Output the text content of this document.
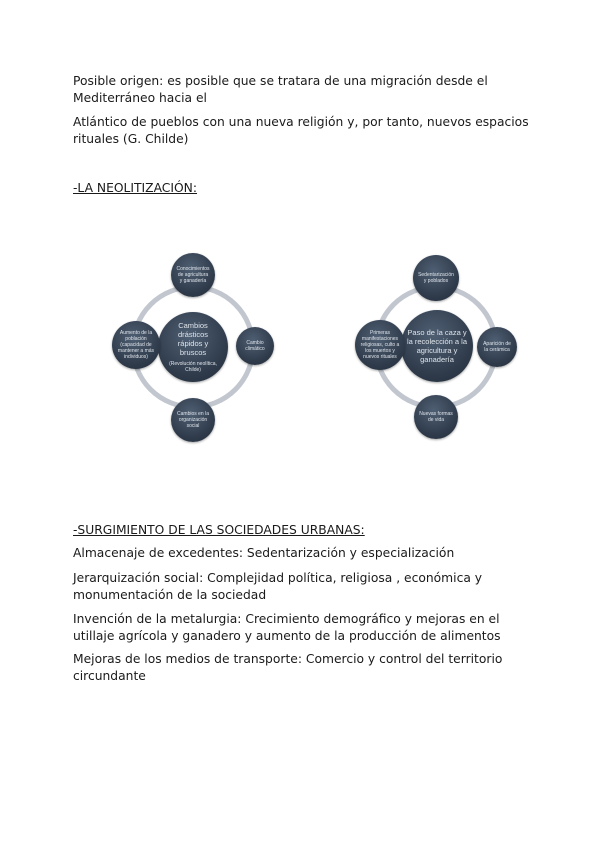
Posible origen: es posible que se tratara de una migración desde el Mediterráneo hacia el

Atlántico de pueblos con una nueva religión y, por tanto, nuevos espacios rituales (G. Childe)

-LA NEOLITIZACIÓN:

Cambios drásticos rápidos y bruscos
(Revolución neolítica, Childe)
Conocimientos de agricultura y ganadería
Cambio climático
Cambios en la organización social
Aumento de la población (capacidad de mantener a más individuos)
Paso de la caza y la recolección a la agricultura y ganadería
Sedentarización y poblados
Aparición de la cerámica
Nuevas formas de vida
Primeras manifestaciones religiosas, culto a los muertos y nuevos rituales

-SURGIMIENTO DE LAS SOCIEDADES URBANAS:

Almacenaje de excedentes: Sedentarización y especialización

Jerarquización social: Complejidad política, religiosa , económica y monumentación de la sociedad

Invención de la metalurgia: Crecimiento demográfico y mejoras en el utillaje agrícola y ganadero y aumento de la producción de alimentos

Mejoras de los medios de transporte: Comercio y control del territorio circundante
